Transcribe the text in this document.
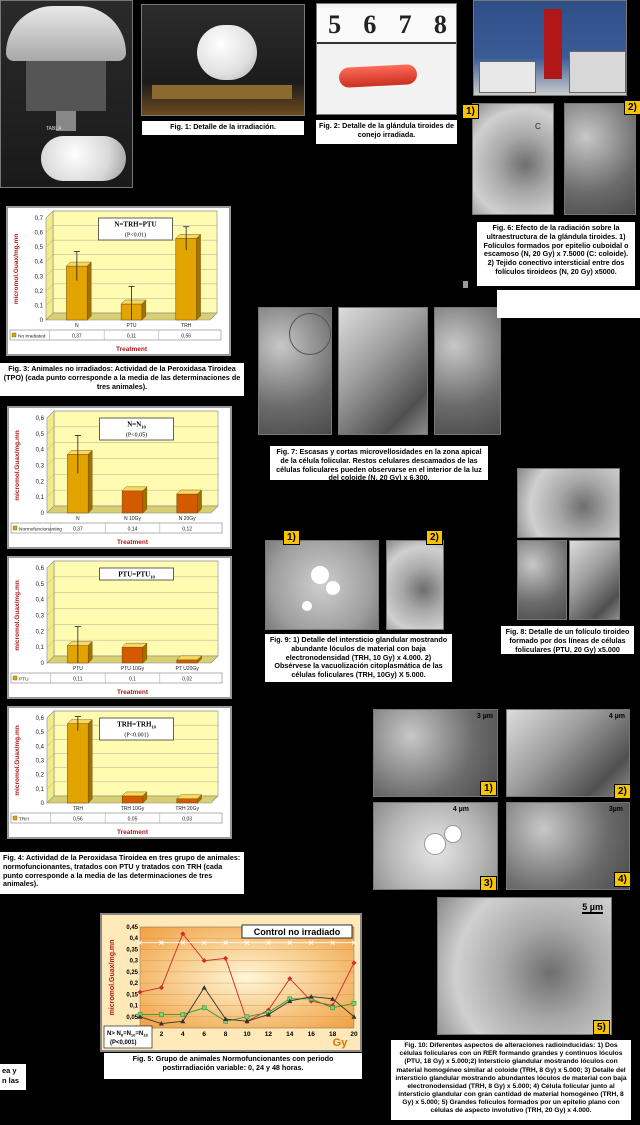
TABLA	Fig. 1: Detalle de la irradiación.
5 6 7 8
Fig. 2: Detalle de la glándula tiroides de conejo irradiada.
C
1)	2)
Fig. 6: Efecto de la radiación sobre la ultraestructura de la glándula tiroides. 1) Folículos formados por epitelio cuboidal o escamoso (N, 20 Gy) x 7.5000 (C: coloide). 2) Tejido conectivo intersticial entre dos folículos tiroideos (N, 20 Gy) x5000.
0
0,1
0,2
0,3
0,4
0,5
0,6
0,7
micromol.Guax/mg.mn
N	PTU	TRH
No irradiated	0,37	0,11	0,56
Treatment
N=TRH=PTU
(P<0.01)
Fig. 3: Animales no irradiados: Actividad de la Peroxidasa Tiroidea (TPO) (cada punto corresponde a la media de las determinaciones de tres animales).
0
0,1
0,2
0,3
0,4
0,5
0,6
micromol.Guax/mg.mn
N	N 10Gy	N 20Gy
Normofuncionanting 0,37	0,14	0,12
Treatment
$N=N_{10}$
(P<0.05)
0
0,1
0,2
0,3
0,4
0,5
0,6
micromol.Guax/mg.mn
PTU	PTU 10Gy	PT U20Gy
PTU	0,11	0,1	0,02
Treatment
$PTU=PTU_{10}$
0
0,1
0,2
0,3
0,4
0,5
0,6
micromol.Guax/mg.mn
TRH	TRH 10Gy	TRH 20Gy
TRH	0,56	0,05	0,03
Treatment
$TRH=TRH_{10}$
(P<0.001)
Fig. 4: Actividad de la Peroxidasa Tiroidea en tres grupo de animales: normofuncionantes, tratados con PTU y tratados con TRH (cada punto corresponde a la media de las determinaciones de tres animales).
Fig. 7: Escasas y cortas microvellosidades en la zona apical de la célula folicular. Restos celulares descamados de las células foliculares pueden observarse en el interior de la luz del coloide (N, 20 Gy) x 6.300.
Fig. 8: Detalle de un folículo tiroideo formado por dos líneas de células foliculares (PTU, 20 Gy) x5.000
1)	2)
Fig. 9: 1) Detalle del intersticio glandular mostrando abundante lóculos de material con baja electronodensidad (TRH, 10 Gy) x 4.000. 2) Obsérvese la vacuolización citoplasmática de las células foliculares (TRH, 10Gy) X 5.000.
3 µm
1)
4 µm
2)
4 µm
3)
3µm
4)
5 µm
5)
Fig. 10: Diferentes aspectos de alteraciones radioinducidas: 1) Dos células foliculares con un RER formando grandes y continuos lóculos (PTU, 18 Gy) x 5.000;2) Intersticio glandular mostrando lóculos con material homogéneo similar al coloide (TRH, 8 Gy) x 5.000; 3) Detalle del intersticio glandular mostrando abundantes lóculos de material con baja electronodensidad (TRH, 8 Gy) x 5.000; 4) Célula folicular junto al intersticio glandular con gran cantidad de material homogéneo (TRH, 8 Gy) x 5.000; 5) Grandes folículos formados por un epitelio plano con células de aspecto involutivo (TRH, 20 Gy) x 4.000.
0,05
0,1
0,15
0,2
0,25
0,3
0,35
0,4
0,45
2	4	6	8 10 12 14 16 18 20
Gy
micromol.Guax/mg.mn
Control no irradiado
$N> N_8=N_{10}=N_{18}$
(P<0,001)
Fig. 5: Grupo de animales Normofuncionantes con periodo postirradiación variable: 0, 24 y 48 horas.
ea y
n las
